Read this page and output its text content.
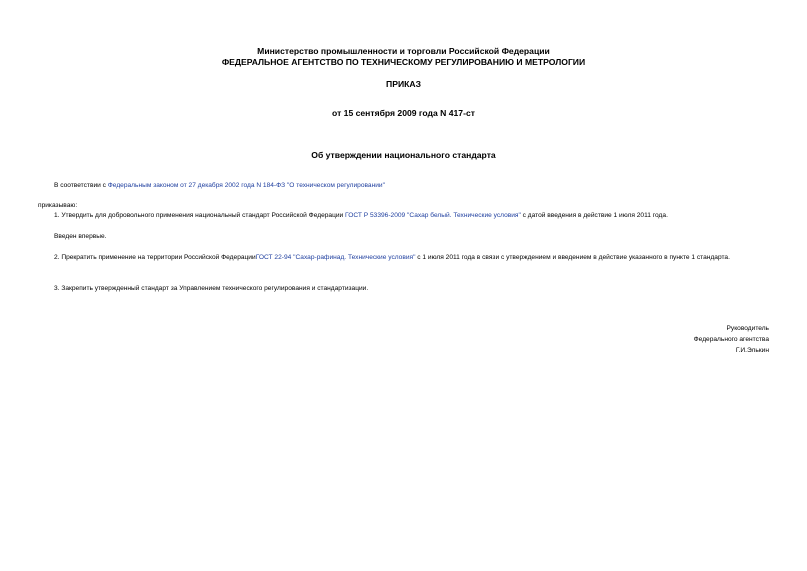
Министерство промышленности и торговли Российской Федерации
ФЕДЕРАЛЬНОЕ АГЕНТСТВО ПО ТЕХНИЧЕСКОМУ РЕГУЛИРОВАНИЮ И МЕТРОЛОГИИ
ПРИКАЗ
от 15 сентября 2009 года N 417-ст
Об утверждении национального стандарта
В соответствии с Федеральным законом от 27 декабря 2002 года N 184-ФЗ "О техническом регулировании"
приказываю:
1. Утвердить для добровольного применения национальный стандарт Российской Федерации ГОСТ Р 53396-2009 "Сахар белый. Технические условия" с датой введения в действие 1 июля 2011 года.
Введен впервые.
2. Прекратить применение на территории Российской ФедерацииГОСТ 22-94 "Сахар-рафинад. Технические условия" с 1 июля 2011 года в связи с утверждением и введением в действие указанного в пункте 1 стандарта.
3. Закрепить утвержденный стандарт за Управлением технического регулирования и стандартизации.
Руководитель
Федерального агентства
Г.И.Элькин
